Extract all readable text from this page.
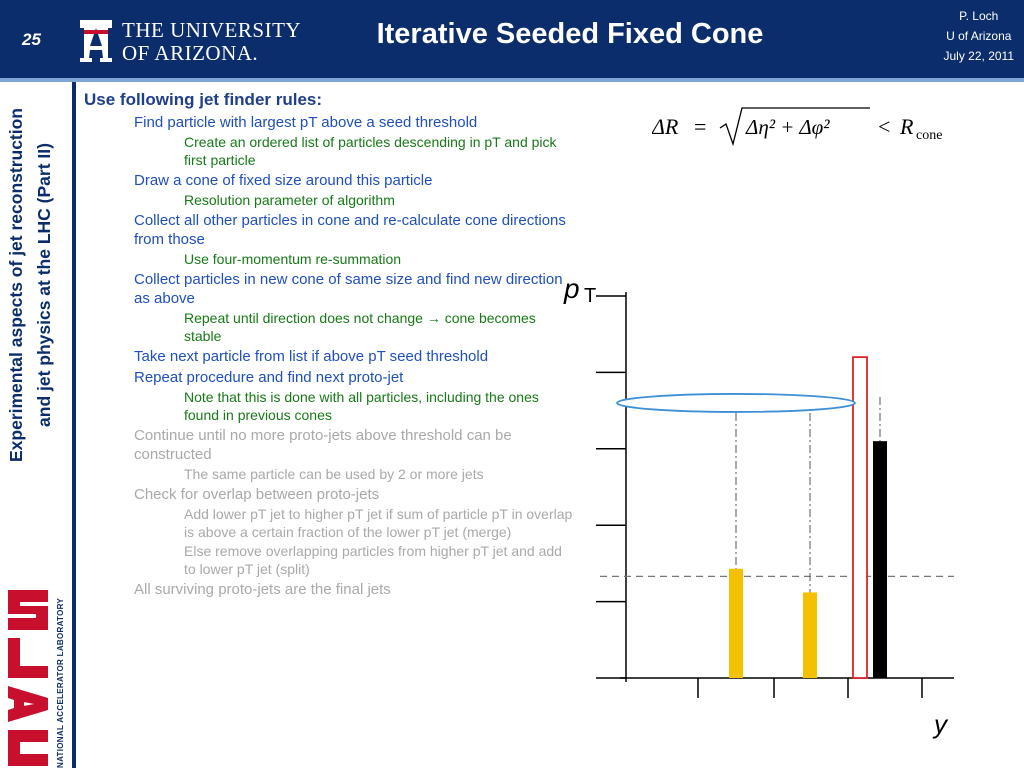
25	THE UNIVERSITY
OF ARIZONA.
Iterative Seeded Fixed Cone
P. Loch
U of Arizona
July 22, 2011
Experimental aspects of jet reconstruction and jet physics at the LHC (Part II)
NATIONAL ACCELERATOR LABORATORY
Use following jet finder rules:
Find particle with largest pT above a seed threshold
Create an ordered list of particles descending in pT and pick first particle
Draw a cone of fixed size around this particle
Resolution parameter of algorithm
Collect all other particles in cone and re-calculate cone directions from those
Use four-momentum re-summation
Collect particles in new cone of same size and find new direction as above
Repeat until direction does not change → cone becomes stable
Take next particle from list if above pT seed threshold
Repeat procedure and find next proto-jet
Note that this is done with all particles, including the ones found in previous cones
Continue until no more proto-jets above threshold can be constructed
The same particle can be used by 2 or more jets
Check for overlap between proto-jets
Add lower pT jet to higher pT jet if sum of particle pT in overlap is above a certain fraction of the lower pT jet (merge)
Else remove overlapping particles from higher pT jet and add to lower pT jet (split)
All surviving proto-jets are the final jets
ΔR = Δη² + Δφ² < R cone
p T
y
